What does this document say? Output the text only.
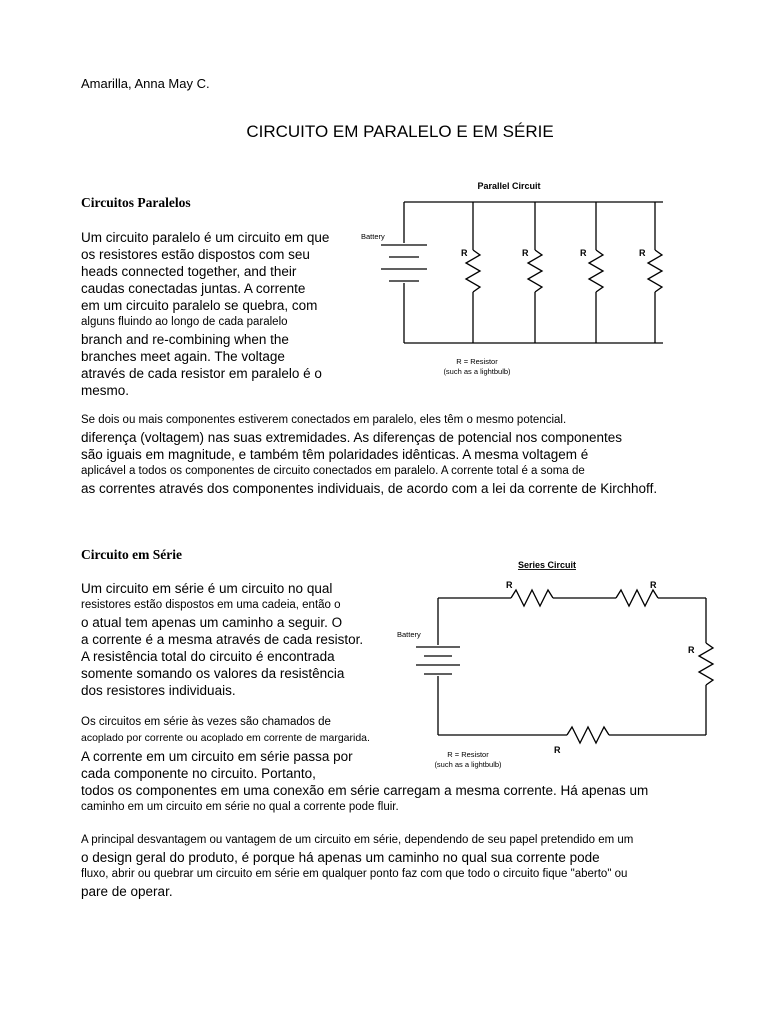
Amarilla, Anna May C.
CIRCUITO EM PARALELO E EM SÉRIE
Circuitos Paralelos
Um circuito paralelo é um circuito em que
os resistores estão dispostos com seu
heads connected together, and their
caudas conectadas juntas. A corrente
em um circuito paralelo se quebra, com
alguns fluindo ao longo de cada paralelo
branch and re-combining when the
branches meet again. The voltage
através de cada resistor em paralelo é o
mesmo.
Parallel Circuit
Battery
R	R	R	R
R = Resistor
(such as a lightbulb)
Se dois ou mais componentes estiverem conectados em paralelo, eles têm o mesmo potencial.
diferença (voltagem) nas suas extremidades. As diferenças de potencial nos componentes
são iguais em magnitude, e também têm polaridades idênticas. A mesma voltagem é
aplicável a todos os componentes de circuito conectados em paralelo. A corrente total é a soma de
as correntes através dos componentes individuais, de acordo com a lei da corrente de Kirchhoff.
Circuito em Série
Um circuito em série é um circuito no qual
resistores estão dispostos em uma cadeia, então o
o atual tem apenas um caminho a seguir. O
a corrente é a mesma através de cada resistor.
A resistência total do circuito é encontrada
somente somando os valores da resistência
dos resistores individuais.
Os circuitos em série às vezes são chamados de
acoplado por corrente ou acoplado em corrente de margarida.
A corrente em um circuito em série passa por
cada componente no circuito. Portanto,
todos os componentes em uma conexão em série carregam a mesma corrente. Há apenas um
caminho em um circuito em série no qual a corrente pode fluir.
Series Circuit
Battery
R	R
R
R
R = Resistor
(such as a lightbulb)
A principal desvantagem ou vantagem de um circuito em série, dependendo de seu papel pretendido em um
o design geral do produto, é porque há apenas um caminho no qual sua corrente pode
fluxo, abrir ou quebrar um circuito em série em qualquer ponto faz com que todo o circuito fique "aberto" ou
pare de operar.
